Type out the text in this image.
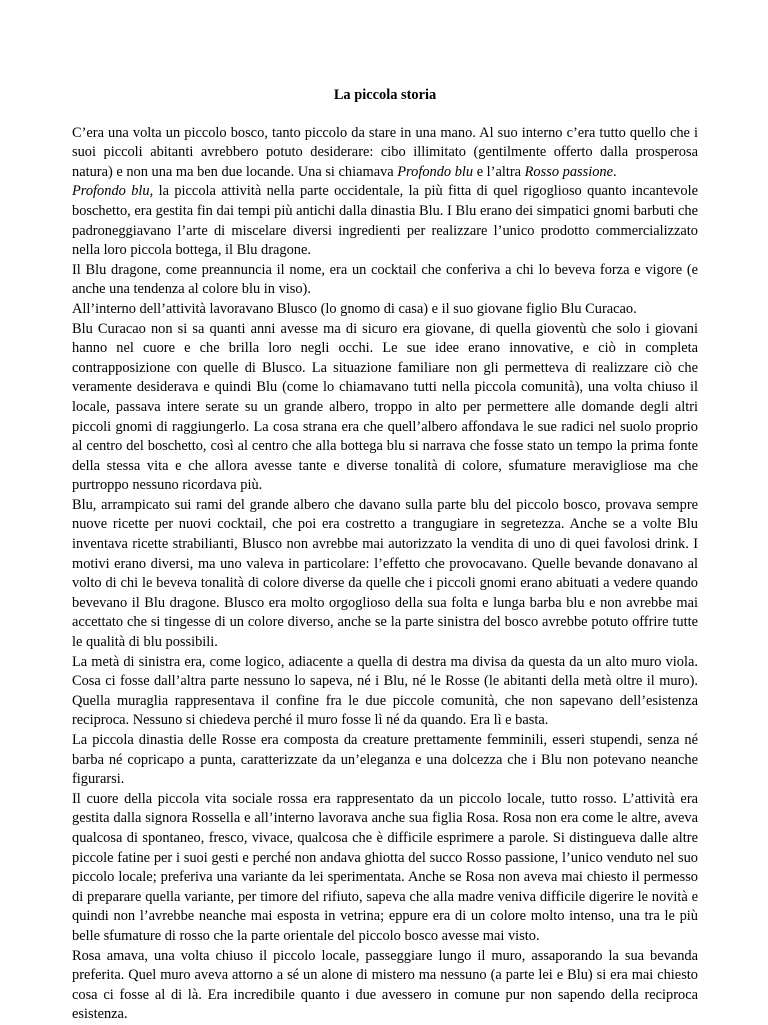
La piccola storia

C’era una volta un piccolo bosco, tanto piccolo da stare in una mano. Al suo interno c’era tutto quello che i suoi piccoli abitanti avrebbero potuto desiderare: cibo illimitato (gentilmente offerto dalla prosperosa natura) e non una ma ben due locande. Una si chiamava Profondo blu e l’altra Rosso passione.

Profondo blu, la piccola attività nella parte occidentale, la più fitta di quel rigoglioso quanto incantevole boschetto, era gestita fin dai tempi più antichi dalla dinastia Blu. I Blu erano dei simpatici gnomi barbuti che padroneggiavano l’arte di miscelare diversi ingredienti per realizzare l’unico prodotto commercializzato nella loro piccola bottega, il Blu dragone.

Il Blu dragone, come preannuncia il nome, era un cocktail che conferiva a chi lo beveva forza e vigore (e anche una tendenza al colore blu in viso).

All’interno dell’attività lavoravano Blusco (lo gnomo di casa) e il suo giovane figlio Blu Curacao.

Blu Curacao non si sa quanti anni avesse ma di sicuro era giovane, di quella gioventù che solo i giovani hanno nel cuore e che brilla loro negli occhi. Le sue idee erano innovative, e ciò in completa contrapposizione con quelle di Blusco. La situazione familiare non gli permetteva di realizzare ciò che veramente desiderava e quindi Blu (come lo chiamavano tutti nella piccola comunità), una volta chiuso il locale, passava intere serate su un grande albero, troppo in alto per permettere alle domande degli altri piccoli gnomi di raggiungerlo. La cosa strana era che quell’albero affondava le sue radici nel suolo proprio al centro del boschetto, così al centro che alla bottega blu si narrava che fosse stato un tempo la prima fonte della stessa vita e che allora avesse tante e diverse tonalità di colore, sfumature meravigliose ma che purtroppo nessuno ricordava più.

Blu, arrampicato sui rami del grande albero che davano sulla parte blu del piccolo bosco, provava sempre nuove ricette per nuovi cocktail, che poi era costretto a trangugiare in segretezza. Anche se a volte Blu inventava ricette strabilianti, Blusco non avrebbe mai autorizzato la vendita di uno di quei favolosi drink. I motivi erano diversi, ma uno valeva in particolare: l’effetto che provocavano. Quelle bevande donavano al volto di chi le beveva tonalità di colore diverse da quelle che i piccoli gnomi erano abituati a vedere quando bevevano il Blu dragone. Blusco era molto orgoglioso della sua folta e lunga barba blu e non avrebbe mai accettato che si tingesse di un colore diverso, anche se la parte sinistra del bosco avrebbe potuto offrire tutte le qualità di blu possibili.

La metà di sinistra era, come logico, adiacente a quella di destra ma divisa da questa da un alto muro viola. Cosa ci fosse dall’altra parte nessuno lo sapeva, né i Blu, né le Rosse (le abitanti della metà oltre il muro). Quella muraglia rappresentava il confine fra le due piccole comunità, che non sapevano dell’esistenza reciproca. Nessuno si chiedeva perché il muro fosse lì né da quando. Era lì e basta.

La piccola dinastia delle Rosse era composta da creature prettamente femminili, esseri stupendi, senza né barba né copricapo a punta, caratterizzate da un’eleganza e una dolcezza che i Blu non potevano neanche figurarsi.

Il cuore della piccola vita sociale rossa era rappresentato da un piccolo locale, tutto rosso. L’attività era gestita dalla signora Rossella e all’interno lavorava anche sua figlia Rosa. Rosa non era come le altre, aveva qualcosa di spontaneo, fresco, vivace, qualcosa che è difficile esprimere a parole. Si distingueva dalle altre piccole fatine per i suoi gesti e perché non andava ghiotta del succo Rosso passione, l’unico venduto nel suo piccolo locale; preferiva una variante da lei sperimentata. Anche se Rosa non aveva mai chiesto il permesso di preparare quella variante, per timore del rifiuto, sapeva che alla madre veniva difficile digerire le novità e quindi non l’avrebbe neanche mai esposta in vetrina; eppure era di un colore molto intenso, una tra le più belle sfumature di rosso che la parte orientale del piccolo bosco avesse mai visto.

Rosa amava, una volta chiuso il piccolo locale, passeggiare lungo il muro, assaporando la sua bevanda preferita. Quel muro aveva attorno a sé un alone di mistero ma nessuno (a parte lei e Blu) si era mai chiesto cosa ci fosse al di là. Era incredibile quanto i due avessero in comune pur non sapendo della reciproca esistenza.
